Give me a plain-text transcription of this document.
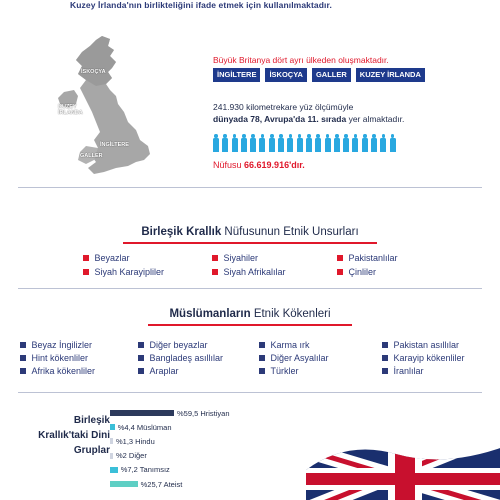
Kuzey İrlanda'nın birlikteliğini ifade etmek için kullanılmaktadır.
İSKOÇYA
KUZEY İRLANDA
İNGİLTERE
GALLER
Büyük Britanya dört ayrı ülkeden oluşmaktadır.
İNGİLTERE	İSKOÇYA	GALLER	KUZEY İRLANDA
241.930 kilometrekare yüz ölçümüyle
dünyada 78, Avrupa'da 11. sırada yer almaktadır.
Nüfusu 66.619.916'dır.
Birleşik Krallık Nüfusunun Etnik Unsurları
Beyazlar	Siyahiler	Pakistanlılar
Siyah Karayipliler	Siyah Afrikalılar	Çinliler
Müslümanların Etnik Kökenleri
Beyaz İngilizler	Diğer beyazlar	Karma ırk	Pakistan asıllılar
Hint kökenliler	Bangladeş asıllılar	Diğer Asyalılar	Karayip kökenliler
Afrika kökenliler	Araplar	Türkler	İranlılar
Birleşik Krallık'taki Dini Gruplar
%59,5 Hristiyan
%4,4 Müslüman
%1,3 Hindu
%2 Diğer
%7,2 Tanımsız
%25,7 Ateist
